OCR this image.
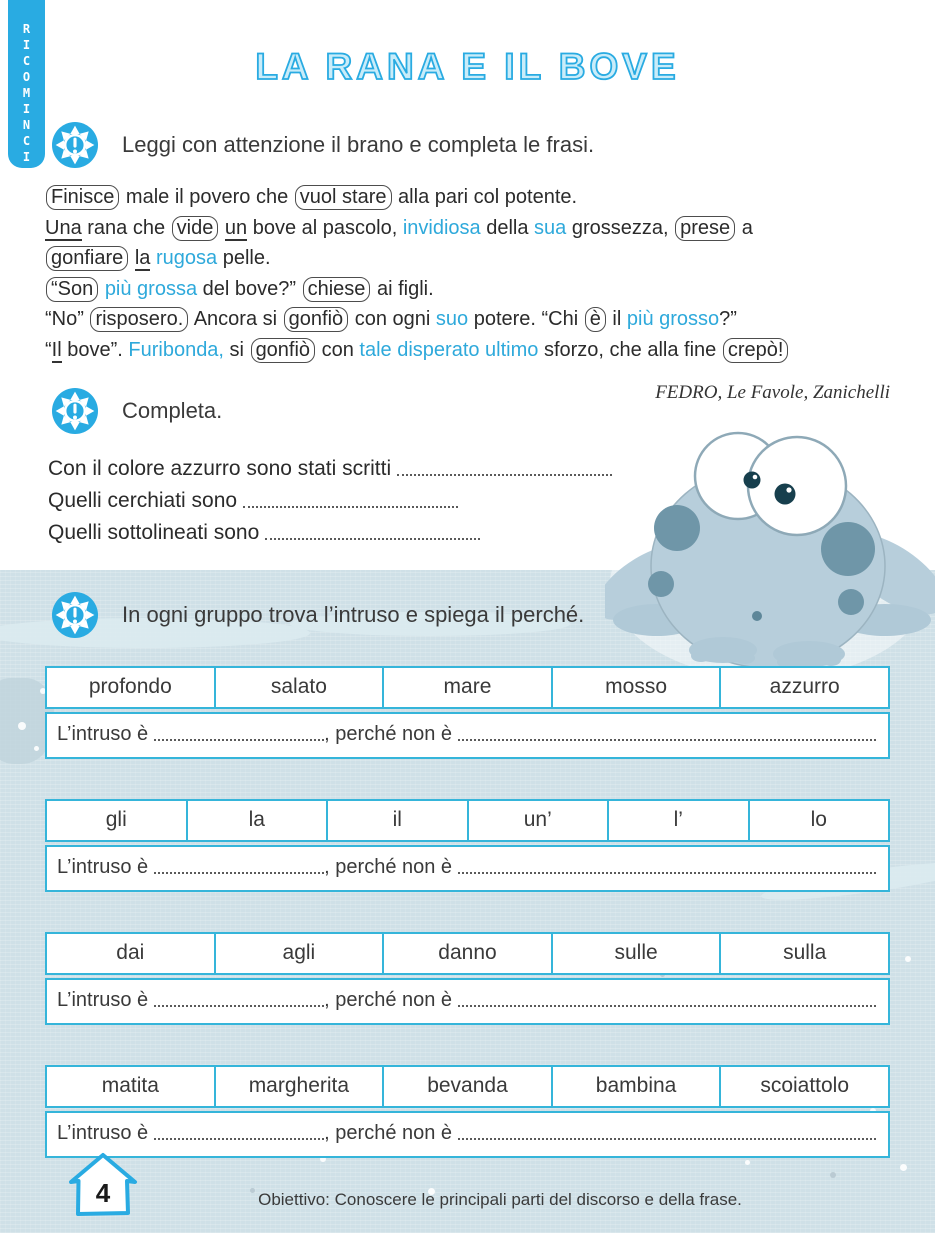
RICOMINCIO	LA RANA E IL BOVE
Leggi con attenzione il brano e completa le frasi.
Finisce male il povero che vuol stare alla pari col potente.
Una rana che vide un bove al pascolo, invidiosa della sua grossezza, prese a
gonfiare la rugosa pelle.
“Son più grossa del bove?” chiese ai figli.
“No” risposero. Ancora si gonfiò con ogni suo potere. “Chi è il più grosso?”
“Il bove”. Furibonda, si gonfiò con tale disperato ultimo sforzo, che alla fine crepò!
FEDRO, Le Favole, Zanichelli
Completa.
Con il colore azzurro sono stati scritti
Quelli cerchiati sono
Quelli sottolineati sono
In ogni gruppo trova l’intruso e spiega il perché.
profondo	salato	mare	mosso	azzurro
L’intruso è	, perché non è
gli	la	il	un’	l’	lo
L’intruso è	, perché non è
dai	agli	danno	sulle	sulla
L’intruso è	, perché non è
matita	margherita	bevanda	bambina	scoiattolo
L’intruso è	, perché non è
4	Obiettivo: Conoscere le principali parti del discorso e della frase.
